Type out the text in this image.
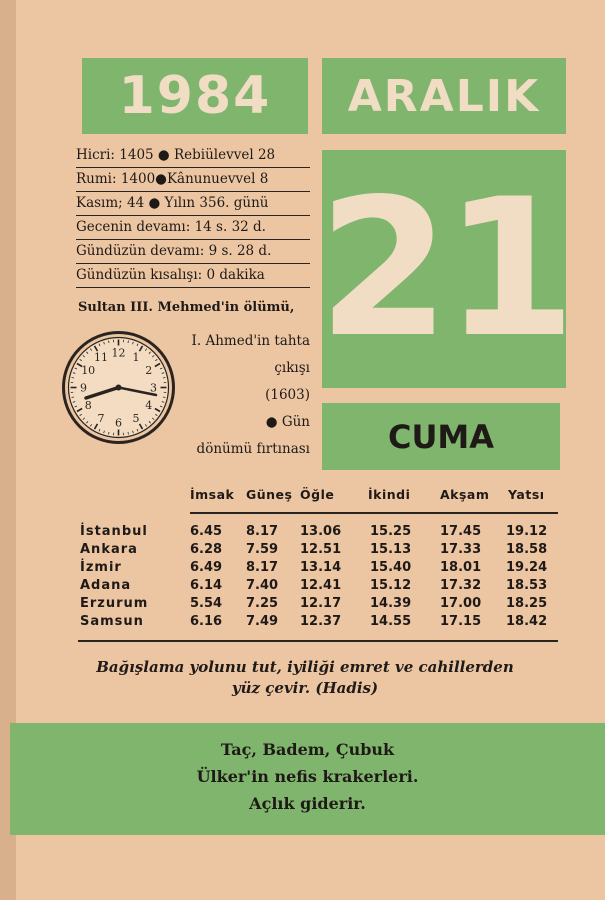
1984 ARALIK
21
CUMA
Hicri: 1405 ● Rebiülevvel 28
Rumi: 1400●Kânunuevvel 8
Kasım; 44 ● Yılın 356. günü
Gecenin devamı: 14 s. 32 d.
Gündüzün devamı: 9 s. 28 d.
Gündüzün kısalışı: 0 dakika
Sultan III. Mehmed'in ölümü,
I. Ahmed'in tahta
çıkışı
(1603)
● Gün
dönümü fırtınası
12 1
2
3
4
5
6
7
8
9
10
11
İmsak Güneş Öğle	İkindi Akşam Yatsı
İstanbul	6.45 8.17 13.06 15.25 17.45 19.12
Ankara	6.28 7.59 12.51 15.13 17.33 18.58
İzmir	6.49 8.17 13.14 15.40 18.01 19.24
Adana	6.14 7.40 12.41 15.12 17.32 18.53
Erzurum	5.54 7.25 12.17 14.39 17.00 18.25
Samsun	6.16 7.49 12.37 14.55 17.15 18.42
Bağışlama yolunu tut, iyiliği emret ve cahillerden
yüz çevir. (Hadis)
Taç, Badem, Çubuk
Ülker'in nefis krakerleri.
Açlık giderir.
